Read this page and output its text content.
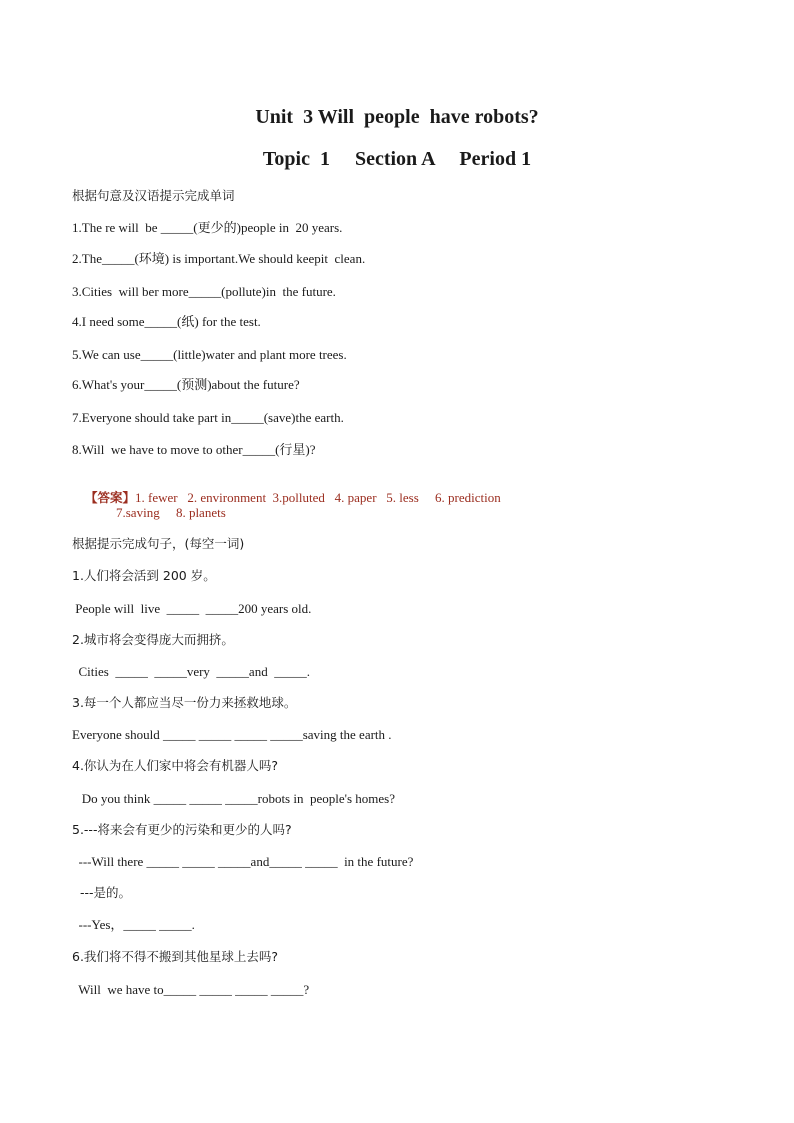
Unit  3 Will  people  have robots?
Topic  1     Section A     Period 1
根据句意及汉语提示完成单词
1.The re will  be _____(更少的)people in  20 years.
2.The_____(环境) is important.We should keepit  clean.
3.Cities  will ber more_____(pollute)in  the future.
4.I need some_____(纸) for the test.
5.We can use_____(little)water and plant more trees.
6.What's your_____(预测)about the future?
7.Everyone should take part in_____(save)the earth.
8.Will  we have to move to other_____(行星)?

【答案】1. fewer   2. environment  3.polluted   4. paper   5. less     6. prediction

7.saving     8. planets
根据提示完成句子，(每空一词)
1.人们将会活到 200 岁。
People will  live  _____  _____200 years old.
2.城市将会变得庞大而拥挤。
Cities  _____  _____very  _____and  _____.
3.每一个人都应当尽一份力来拯救地球。
Everyone should _____ _____ _____ _____saving the earth .
4.你认为在人们家中将会有机器人吗?
Do you think _____ _____ _____robots in  people's homes?
5.---将来会有更少的污染和更少的人吗?
---Will there _____ _____ _____and_____ _____  in the future?
---是的。
---Yes，_____ _____.
6.我们将不得不搬到其他星球上去吗?
Will  we have to_____ _____ _____ _____?
